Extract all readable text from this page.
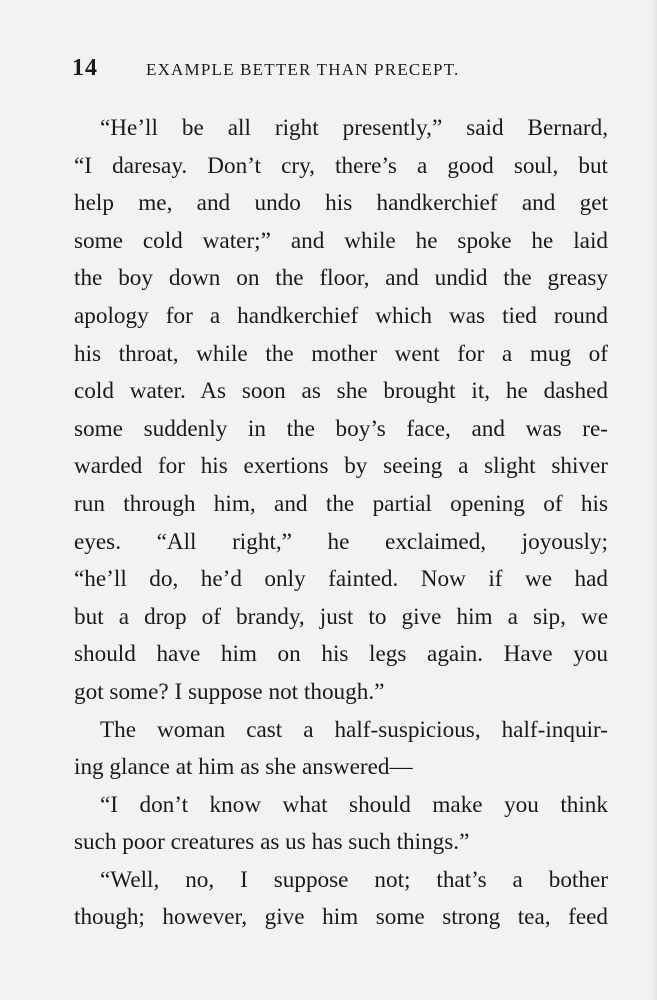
14	EXAMPLE BETTER THAN PRECEPT.
“He’ll be all right presently,” said Bernard,
“I daresay. Don’t cry, there’s a good soul, but
help me, and undo his handkerchief and get
some cold water;” and while he spoke he laid
the boy down on the floor, and undid the greasy
apology for a handkerchief which was tied round
his throat, while the mother went for a mug of
cold water. As soon as she brought it, he dashed
some suddenly in the boy’s face, and was re-
warded for his exertions by seeing a slight shiver
run through him, and the partial opening of his
eyes. “All right,” he exclaimed, joyously;
“he’ll do, he’d only fainted. Now if we had
but a drop of brandy, just to give him a sip, we
should have him on his legs again. Have you
got some? I suppose not though.”
The woman cast a half-suspicious, half-inquir-
ing glance at him as she answered—
“I don’t know what should make you think
such poor creatures as us has such things.”
“Well, no, I suppose not; that’s a bother
though; however, give him some strong tea, feed
